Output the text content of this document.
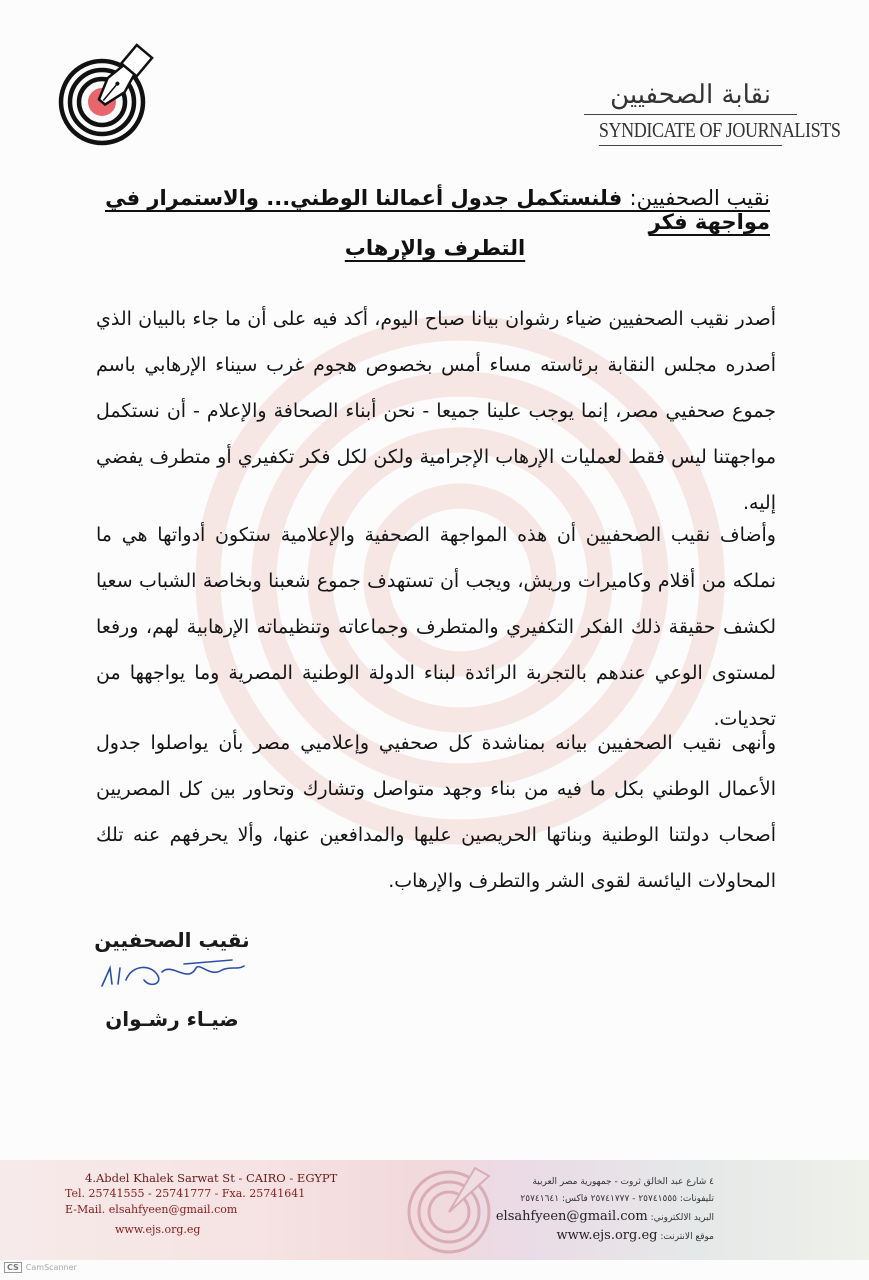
نقابة الصحفيين
SYNDICATE OF JOURNALISTS
نقيب الصحفيين: فلنستكمل جدول أعمالنا الوطني... والاستمرار في مواجهة فكر
التطرف والإرهاب

أصدر نقيب الصحفيين ضياء رشوان بيانا صباح اليوم، أكد فيه على أن ما جاء بالبيان الذي أصدره مجلس النقابة برئاسته مساء أمس بخصوص هجوم غرب سيناء الإرهابي باسم جموع صحفيي مصر، إنما يوجب علينا جميعا - نحن أبناء الصحافة والإعلام - أن نستكمل مواجهتنا ليس فقط لعمليات الإرهاب الإجرامية ولكن لكل فكر تكفيري أو متطرف يفضي إليه.

وأضاف نقيب الصحفيين أن هذه المواجهة الصحفية والإعلامية ستكون أدواتها هي ما نملكه من أقلام وكاميرات وريش، ويجب أن تستهدف جموع شعبنا وبخاصة الشباب سعيا لكشف حقيقة ذلك الفكر التكفيري والمتطرف وجماعاته وتنظيماته الإرهابية لهم، ورفعا لمستوى الوعي عندهم بالتجربة الرائدة لبناء الدولة الوطنية المصرية وما يواجهها من تحديات.

وأنهى نقيب الصحفيين بيانه بمناشدة كل صحفيي وإعلاميي مصر بأن يواصلوا جدول الأعمال الوطني بكل ما فيه من بناء وجهد متواصل وتشارك وتحاور بين كل المصريين أصحاب دولتنا الوطنية وبناتها الحريصين عليها والمدافعين عنها، وألا يحرفهم عنه تلك المحاولات اليائسة لقوى الشر والتطرف والإرهاب.

نقيب الصحفيين
ضيـاء رشـوان
4.Abdel Khalek Sarwat St - CAIRO - EGYPT
Tel. 25741555 - 25741777 - Fxa. 25741641
E-Mail. elsahfyeen@gmail.com
www.ejs.org.eg
٤ شارع عبد الخالق ثروت - جمهورية مصر العربية
تليفونات: ٢٥٧٤١٥٥٥ - ٢٥٧٤١٧٧٧ فاكس: ٢٥٧٤١٦٤١
البريد الالكتروني: elsahfyeen@gmail.com
موقع الانترنت: www.ejs.org.eg
CS CamScanner
